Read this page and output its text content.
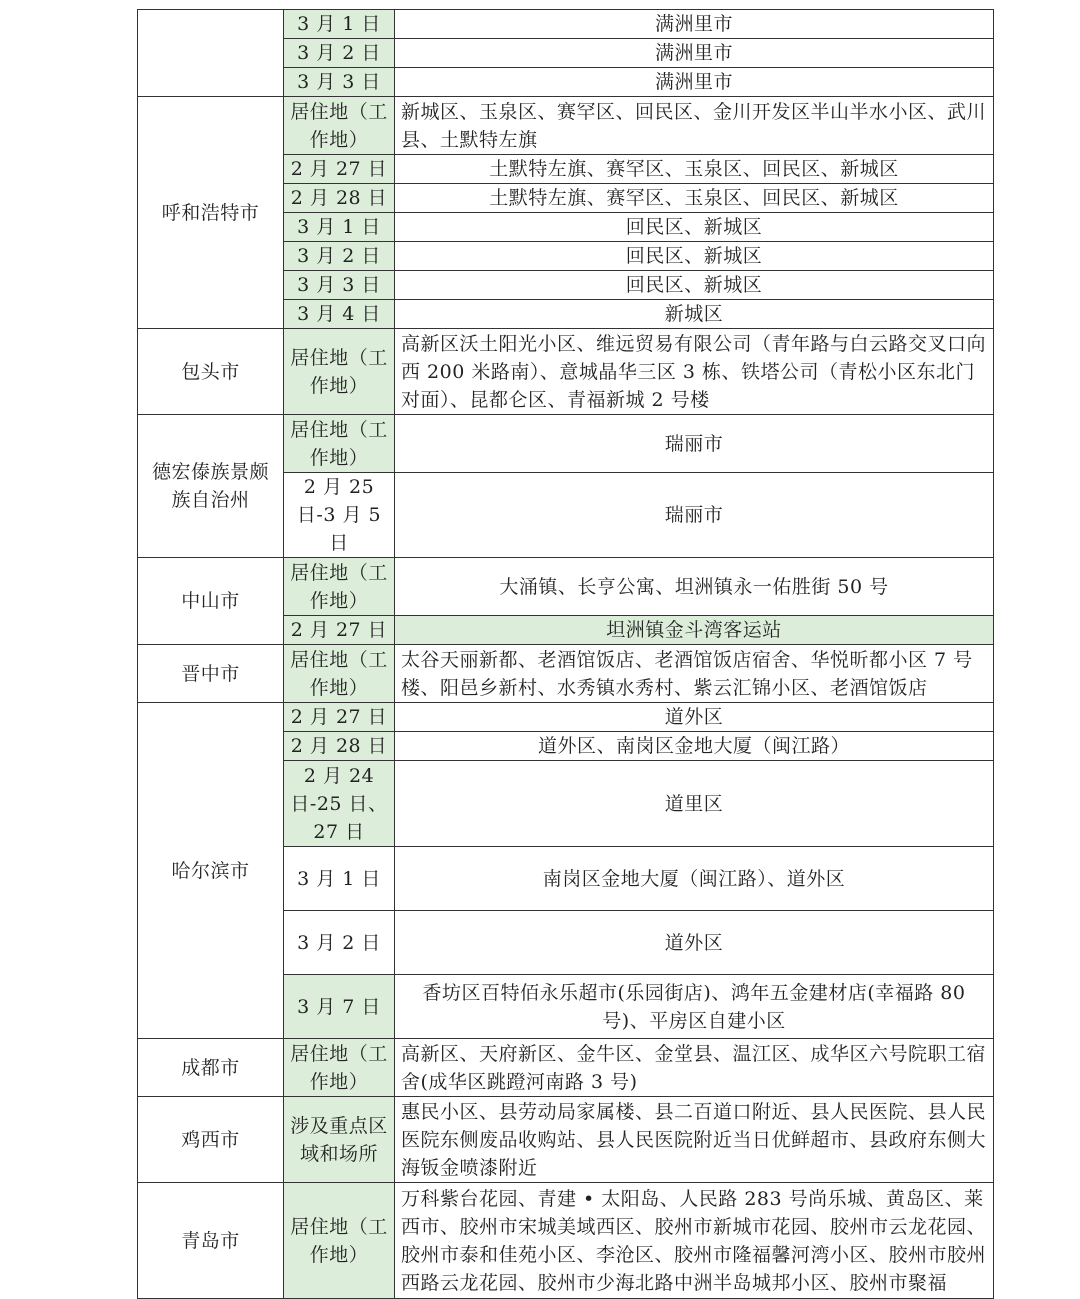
	3 月 1 日	满洲里市
	3 月 2 日	满洲里市
	3 月 3 日	满洲里市
呼和浩特市	居住地（工作地）	新城区、玉泉区、赛罕区、回民区、金川开发区半山半水小区、武川县、土默特左旗
	2 月 27 日	土默特左旗、赛罕区、玉泉区、回民区、新城区
	2 月 28 日	土默特左旗、赛罕区、玉泉区、回民区、新城区
	3 月 1 日	回民区、新城区
	3 月 2 日	回民区、新城区
	3 月 3 日	回民区、新城区
	3 月 4 日	新城区
包头市	居住地（工作地）	高新区沃土阳光小区、维远贸易有限公司（青年路与白云路交叉口向西 200 米路南）、意城晶华三区 3 栋、铁塔公司（青松小区东北门对面）、昆都仑区、青福新城 2 号楼
德宏傣族景颇族自治州	居住地（工作地）	瑞丽市
	2 月 25 日-3 月 5 日	瑞丽市
中山市	居住地（工作地）	大涌镇、长亨公寓、坦洲镇永一佑胜街 50 号
	2 月 27 日	坦洲镇金斗湾客运站
晋中市	居住地（工作地）	太谷天丽新都、老酒馆饭店、老酒馆饭店宿舍、华悦昕都小区 7 号楼、阳邑乡新村、水秀镇水秀村、紫云汇锦小区、老酒馆饭店
哈尔滨市	2 月 27 日	道外区
	2 月 28 日	道外区、南岗区金地大厦（闽江路）
	2 月 24 日-25 日、27 日	道里区
	3 月 1 日	南岗区金地大厦（闽江路）、道外区
	3 月 2 日	道外区
	3 月 7 日	香坊区百特佰永乐超市(乐园街店)、鸿年五金建材店(幸福路 80 号)、平房区自建小区
成都市	居住地（工作地）	高新区、天府新区、金牛区、金堂县、温江区、成华区六号院职工宿舍(成华区跳蹬河南路 3 号)
鸡西市	涉及重点区域和场所	惠民小区、县劳动局家属楼、县二百道口附近、县人民医院、县人民医院东侧废品收购站、县人民医院附近当日优鲜超市、县政府东侧大海钣金喷漆附近
青岛市	居住地（工作地）	万科紫台花园、青建 • 太阳岛、人民路 283 号尚乐城、黄岛区、莱西市、胶州市宋城美域西区、胶州市新城市花园、胶州市云龙花园、胶州市泰和佳苑小区、李沧区、胶州市隆福馨河湾小区、胶州市胶州西路云龙花园、胶州市少海北路中洲半岛城邦小区、胶州市聚福
